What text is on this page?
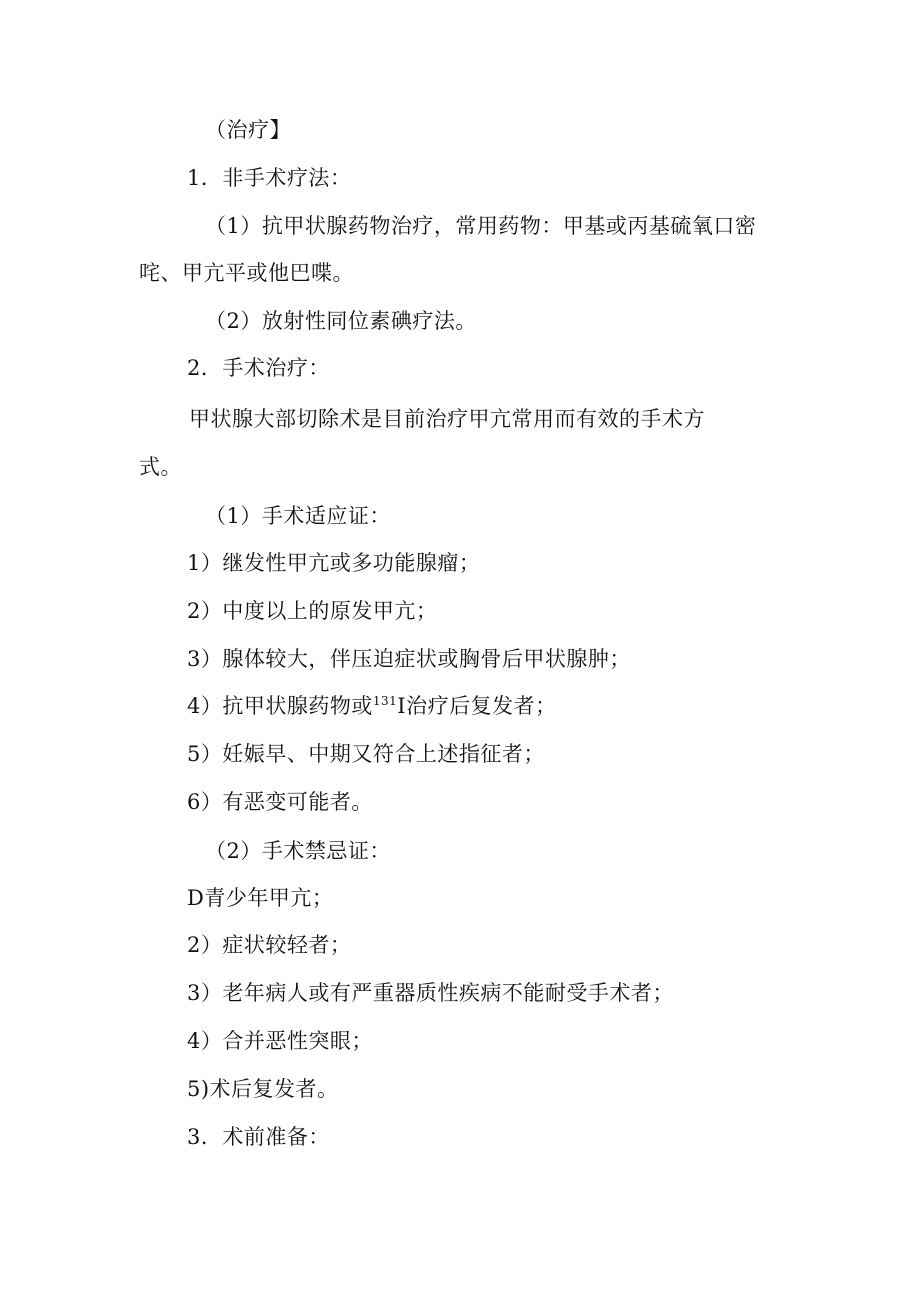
（治疗】
1．非手术疗法：
（1）抗甲状腺药物治疗，常用药物：甲基或丙基硫氧口密
咤、甲亢平或他巴喋。
（2）放射性同位素碘疗法。
2．手术治疗：
甲状腺大部切除术是目前治疗甲亢常用而有效的手术方
式。
（1）手术适应证：
1）继发性甲亢或多功能腺瘤；
2）中度以上的原发甲亢；
3）腺体较大，伴压迫症状或胸骨后甲状腺肿；
4）抗甲状腺药物或$^{131}$I治疗后复发者；
5）妊娠早、中期又符合上述指征者；
6）有恶变可能者。
（2）手术禁忌证：
D青少年甲亢；
2）症状较轻者；
3）老年病人或有严重器质性疾病不能耐受手术者；
4）合并恶性突眼；
5)术后复发者。
3．术前准备：
